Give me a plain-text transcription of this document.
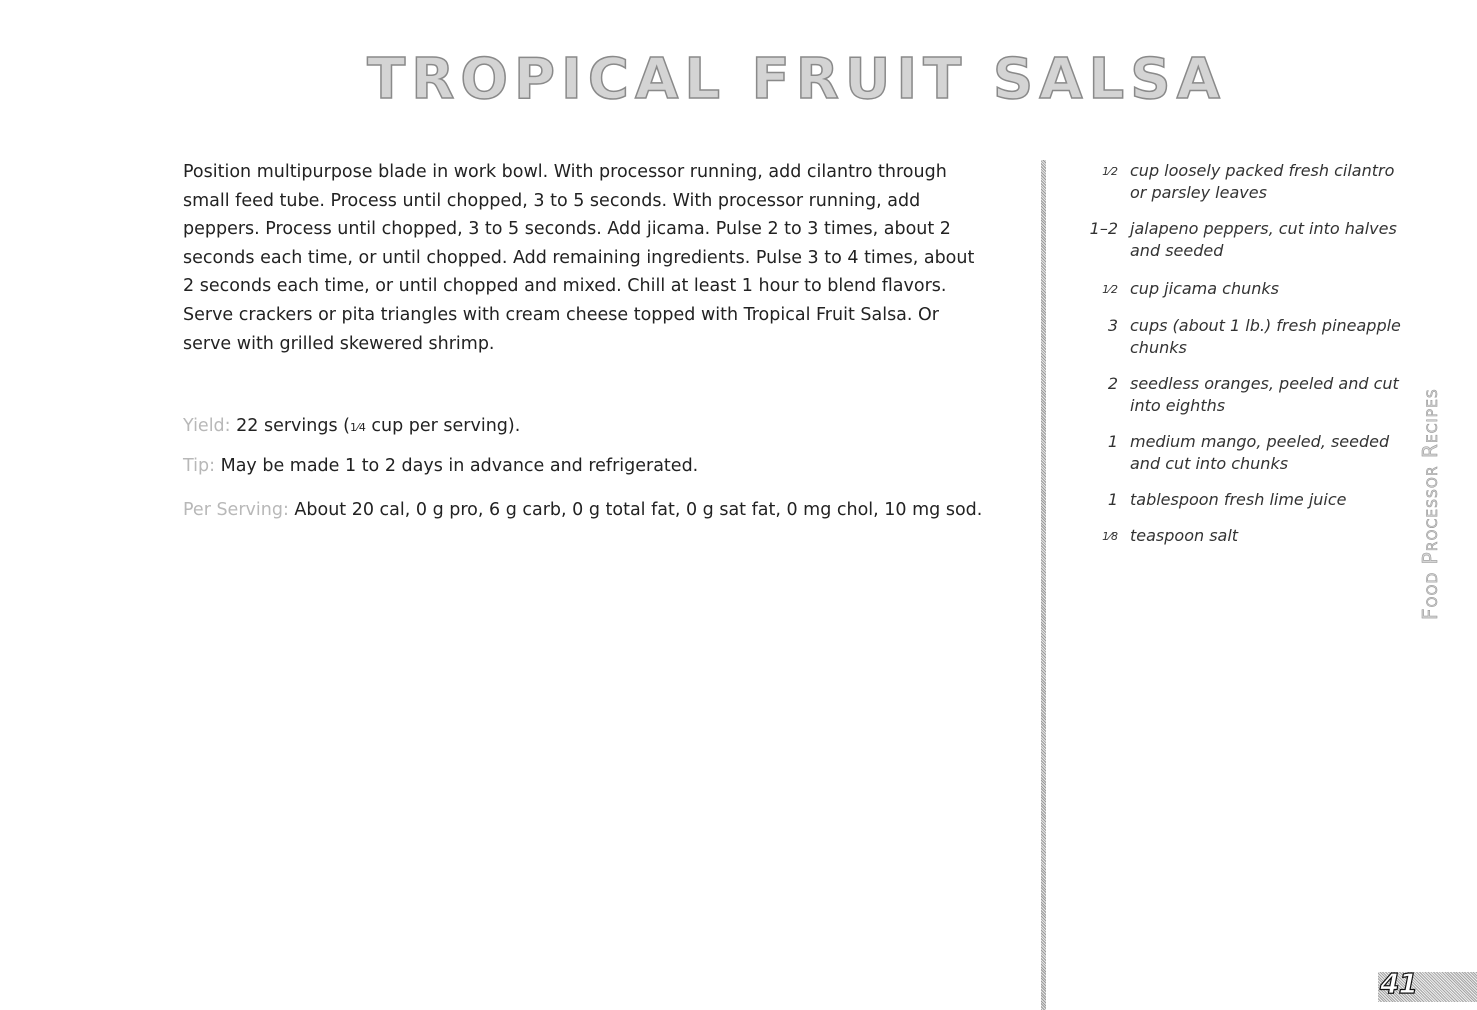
TROPICAL FRUIT SALSA

Position multipurpose blade in work bowl. With processor running, add cilantro through small feed tube. Process until chopped, 3 to 5 seconds. With processor running, add peppers. Process until chopped, 3 to 5 seconds. Add jicama. Pulse 2 to 3 times, about 2 seconds each time, or until chopped. Add remaining ingredients. Pulse 3 to 4 times, about 2 seconds each time, or until chopped and mixed. Chill at least 1 hour to blend flavors. Serve crackers or pita triangles with cream cheese topped with Tropical Fruit Salsa. Or serve with grilled skewered shrimp.

Yield: 22 servings (1⁄4 cup per serving).

Tip: May be made 1 to 2 days in advance and refrigerated.

Per Serving: About 20 cal, 0 g pro, 6 g carb, 0 g total fat, 0 g sat fat, 0 mg chol, 10 mg sod.

1⁄2 cup loosely packed fresh cilantro or parsley leaves
1–2 jalapeno peppers, cut into halves and seeded
1⁄2 cup jicama chunks
3 cups (about 1 lb.) fresh pineapple chunks
2 seedless oranges, peeled and cut into eighths
1 medium mango, peeled, seeded and cut into chunks
1 tablespoon fresh lime juice
1⁄8 teaspoon salt	Food Processor Recipes
41
